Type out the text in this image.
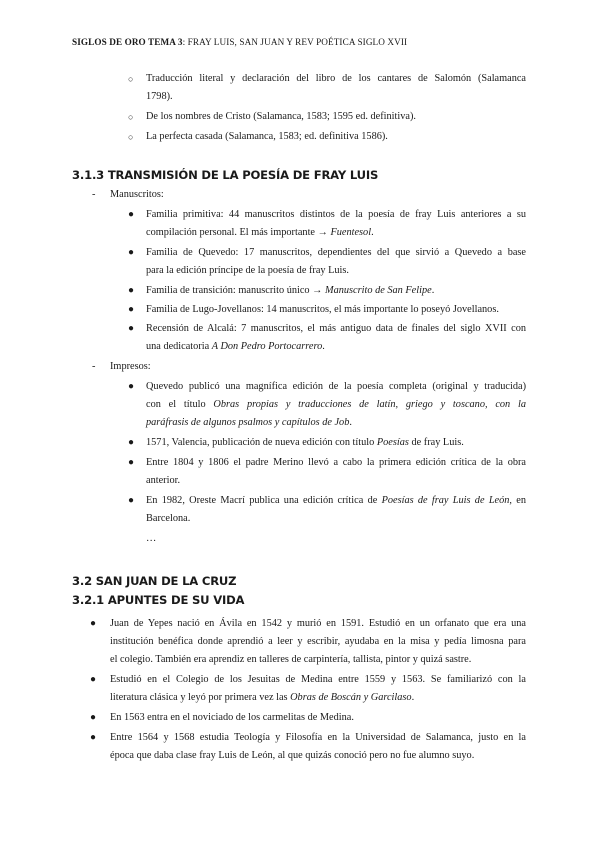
SIGLOS DE ORO TEMA 3: FRAY LUIS, SAN JUAN Y REV POÉTICA SIGLO XVII
○ Traducción literal y declaración del libro de los cantares de Salomón (Salamanca
1798).
○ De los nombres de Cristo (Salamanca, 1583; 1595 ed. definitiva).
○ La perfecta casada (Salamanca, 1583; ed. definitiva 1586).
3.1.3 TRANSMISIÓN DE LA POESÍA DE FRAY LUIS
- Manuscritos:
● Familia primitiva: 44 manuscritos distintos de la poesía de fray Luis anteriores a su
compilación personal. El más importante → Fuentesol.
● Familia de Quevedo: 17 manuscritos, dependientes del que sirvió a Quevedo a base
para la edición príncipe de la poesía de fray Luis.
● Familia de transición: manuscrito único → Manuscrito de San Felipe.
● Familia de Lugo-Jovellanos: 14 manuscritos, el más importante lo poseyó Jovellanos.
● Recensión de Alcalá: 7 manuscritos, el más antiguo data de finales del siglo XVII con
una dedicatoria A Don Pedro Portocarrero.
- Impresos:
● Quevedo publicó una magnífica edición de la poesía completa (original y traducida)
con el título Obras propias y traducciones de latín, griego y toscano, con la
paráfrasis de algunos psalmos y capítulos de Job.
● 1571, Valencia, publicación de nueva edición con título Poesías de fray Luis.
● Entre 1804 y 1806 el padre Merino llevó a cabo la primera edición crítica de la obra
anterior.
● En 1982, Oreste Macrí publica una edición crítica de Poesías de fray Luis de León, en
Barcelona.
…
3.2 SAN JUAN DE LA CRUZ
3.2.1 APUNTES DE SU VIDA
● Juan de Yepes nació en Ávila en 1542 y murió en 1591. Estudió en un orfanato que era una
institución benéfica donde aprendió a leer y escribir, ayudaba en la misa y pedía limosna para
el colegio. También era aprendiz en talleres de carpintería, tallista, pintor y quizá sastre.
● Estudió en el Colegio de los Jesuitas de Medina entre 1559 y 1563. Se familiarizó con la
literatura clásica y leyó por primera vez las Obras de Boscán y Garcilaso.
● En 1563 entra en el noviciado de los carmelitas de Medina.
● Entre 1564 y 1568 estudia Teología y Filosofía en la Universidad de Salamanca, justo en la
época que daba clase fray Luis de León, al que quizás conoció pero no fue alumno suyo.
